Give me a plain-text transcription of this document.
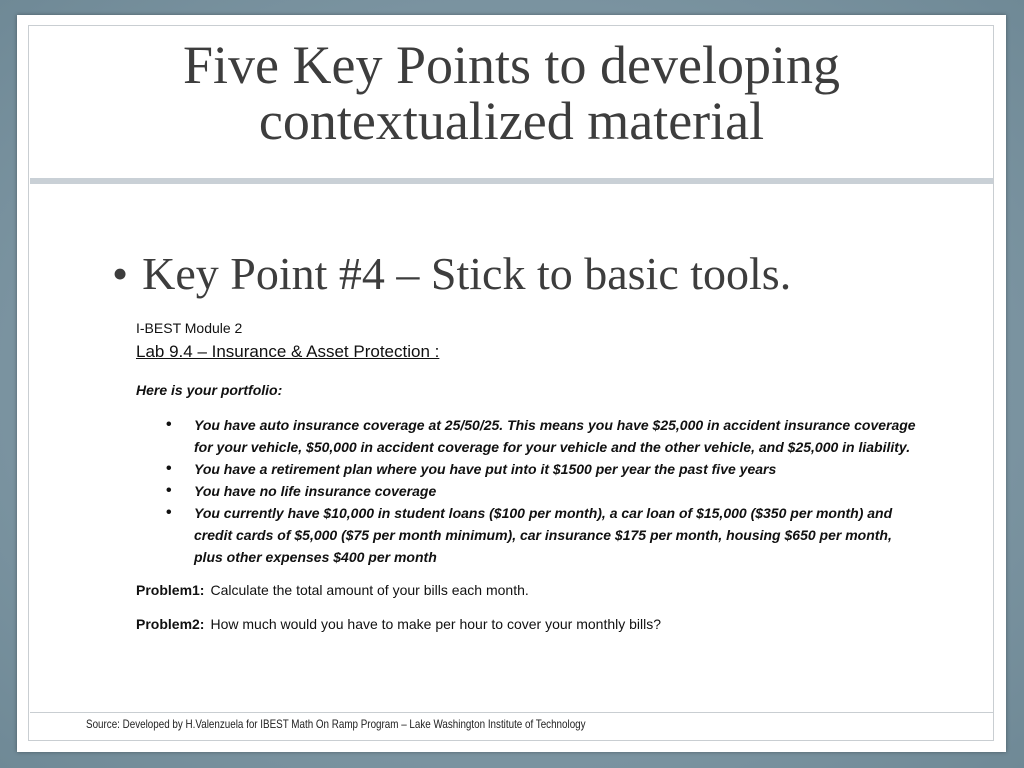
Five Key Points to developing
contextualized material
• Key Point #4 – Stick to basic tools.
I-BEST Module 2
Lab 9.4 – Insurance & Asset Protection :
Here is your portfolio:
• You have auto insurance coverage at 25/50/25. This means you have $25,000 in accident insurance coverage for your vehicle, $50,000 in accident coverage for your vehicle and the other vehicle, and $25,000 in liability.
• You have a retirement plan where you have put into it $1500 per year the past five years
• You have no life insurance coverage
• You currently have $10,000 in student loans ($100 per month), a car loan of $15,000 ($350 per month) and credit cards of $5,000 ($75 per month minimum), car insurance $175 per month, housing $650 per month, plus other expenses $400 per month
Problem1: Calculate the total amount of your bills each month.
Problem2: How much would you have to make per hour to cover your monthly bills?
Source: Developed by H.Valenzuela for IBEST Math On Ramp Program – Lake Washington Institute of Technology
